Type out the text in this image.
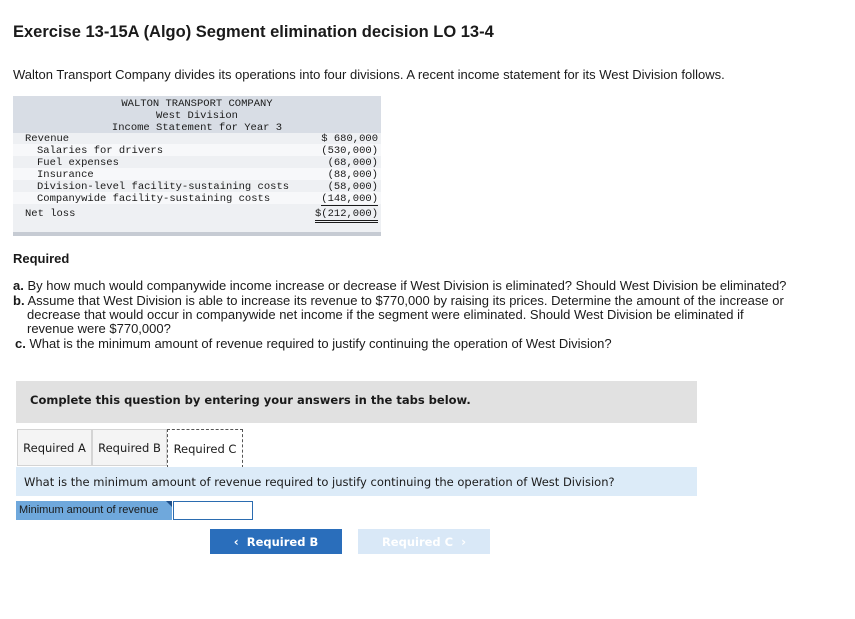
Exercise 13-15A (Algo) Segment elimination decision LO 13-4
Walton Transport Company divides its operations into four divisions. A recent income statement for its West Division follows.
WALTON TRANSPORT COMPANY
West Division
Income Statement for Year 3
Revenue	$ 680,000
Salaries for drivers	(530,000)
Fuel expenses	(68,000)
Insurance	(88,000)
Division-level facility-sustaining costs	(58,000)
Companywide facility-sustaining costs	(148,000)
Net loss	$(212,000)
Required
a. By how much would companywide income increase or decrease if West Division is eliminated? Should West Division be eliminated?
b. Assume that West Division is able to increase its revenue to $770,000 by raising its prices. Determine the amount of the increase or
decrease that would occur in companywide net income if the segment were eliminated. Should West Division be eliminated if
revenue were $770,000?
c. What is the minimum amount of revenue required to justify continuing the operation of West Division?
Complete this question by entering your answers in the tabs below.
Required A	Required B	Required C
What is the minimum amount of revenue required to justify continuing the operation of West Division?
Minimum amount of revenue
‹ Required B	Required C ›
